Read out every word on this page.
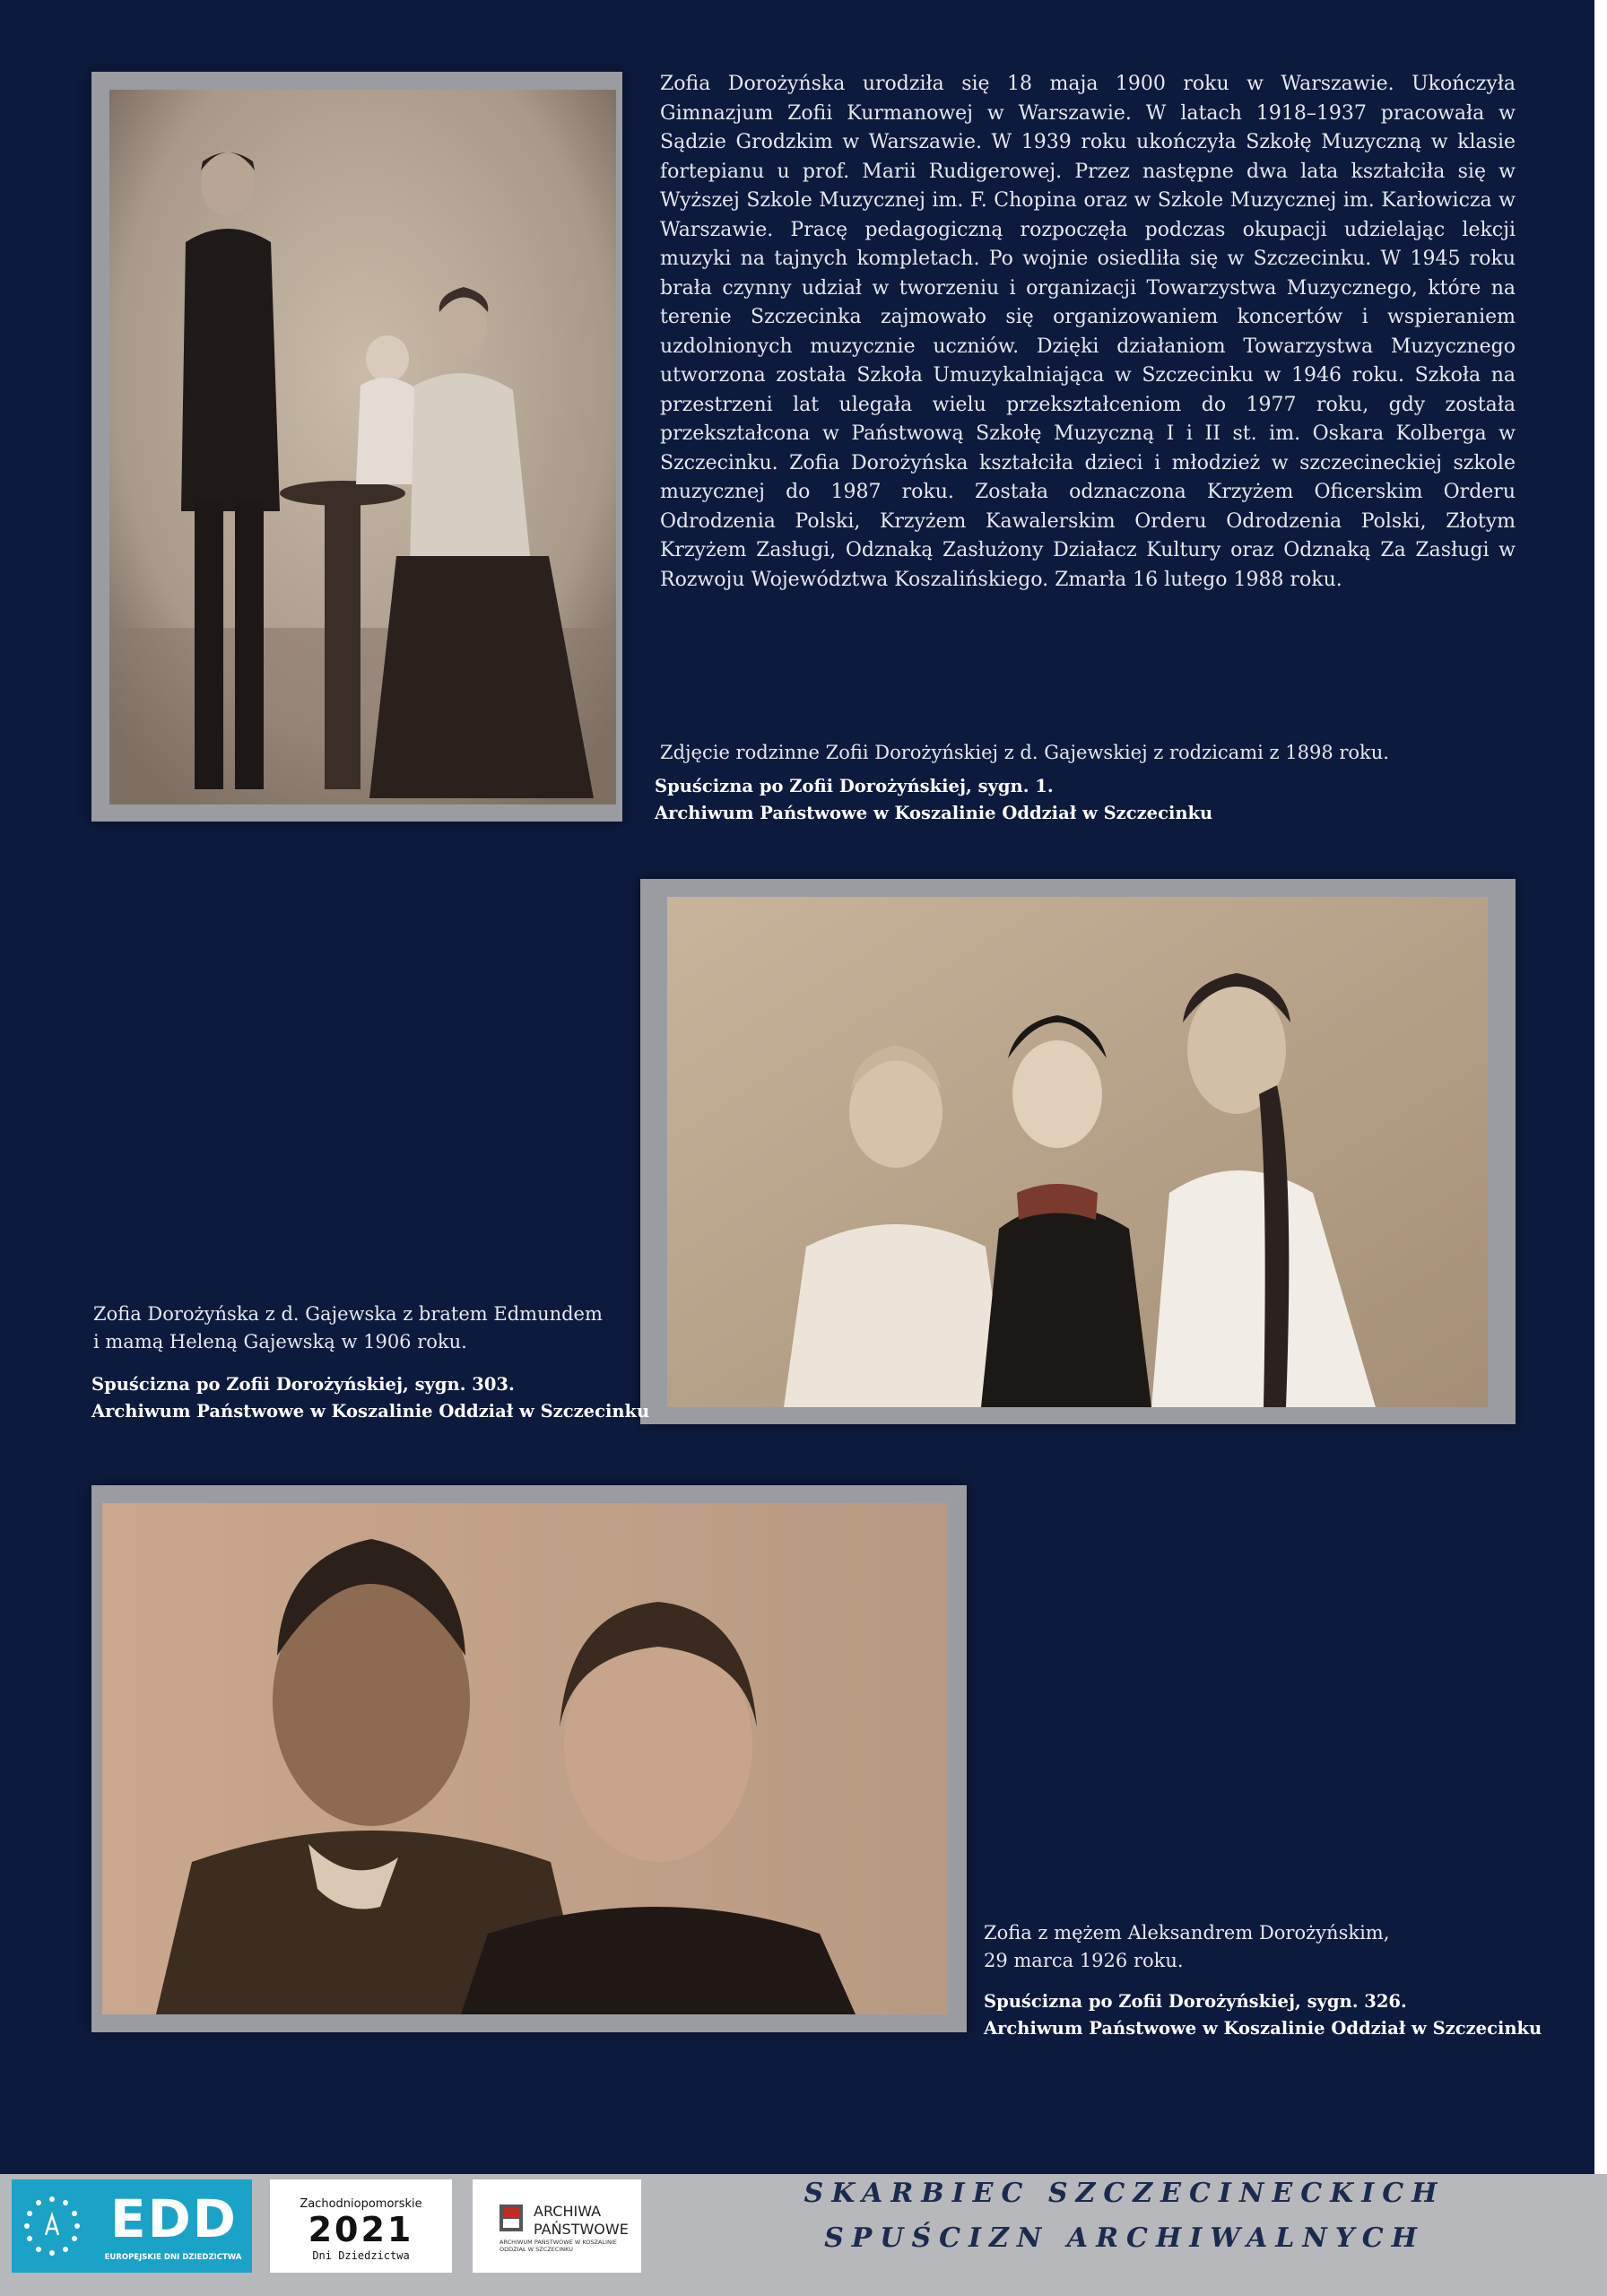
Zofia Dorożyńska urodziła się 18 maja 1900 roku w Warszawie. Ukończyła Gimnazjum Zofii Kurmanowej w Warszawie. W latach 1918–1937 pracowała w Sądzie Grodzkim w Warszawie. W 1939 roku ukończyła Szkołę Muzyczną w klasie fortepianu u prof. Marii Rudigerowej. Przez następne dwa lata kształciła się w Wyższej Szkole Muzycznej im. F. Chopina oraz w Szkole Muzycznej im. Karłowicza w Warszawie. Pracę pedagogiczną rozpoczęła podczas okupacji udzielając lekcji muzyki na tajnych kompletach. Po wojnie osiedliła się w Szczecinku. W 1945 roku brała czynny udział w tworzeniu i organizacji Towarzystwa Muzycznego, które na terenie Szczecinka zajmowało się organizowaniem koncertów i wspieraniem uzdolnionych muzycznie uczniów. Dzięki działaniom Towarzystwa Muzycznego utworzona została Szkoła Umuzykalniająca w Szczecinku w 1946 roku. Szkoła na przestrzeni lat ulegała wielu przekształceniom do 1977 roku, gdy została przekształcona w Państwową Szkołę Muzyczną I i II st. im. Oskara Kolberga w Szczecinku. Zofia Dorożyńska kształciła dzieci i młodzież w szczecineckiej szkole muzycznej do 1987 roku. Została odznaczona Krzyżem Oficerskim Orderu Odrodzenia Polski, Krzyżem Kawalerskim Orderu Odrodzenia Polski, Złotym Krzyżem Zasługi, Odznaką Zasłużony Działacz Kultury oraz Odznaką Za Zasługi w Rozwoju Województwa Koszalińskiego. Zmarła 16 lutego 1988 roku.

Zdjęcie rodzinne Zofii Dorożyńskiej z d. Gajewskiej z rodzicami z 1898 roku.

Spuścizna po Zofii Dorożyńskiej, sygn. 1.

Archiwum Państwowe w Koszalinie Oddział w Szczecinku

Zofia Dorożyńska z d. Gajewska z bratem Edmundem

i mamą Heleną Gajewską w 1906 roku.

Spuścizna po Zofii Dorożyńskiej, sygn. 303.

Archiwum Państwowe w Koszalinie Oddział w Szczecinku

Zofia z mężem Aleksandrem Dorożyńskim,

29 marca 1926 roku.

Spuścizna po Zofii Dorożyńskiej, sygn. 326.

Archiwum Państwowe w Koszalinie Oddział w Szczecinku

EDD
EUROPEJSKIE DNI DZIEDZICTWA
Zachodniopomorskie
2021
Dni Dziedzictwa
ARCHIWA
PAŃSTWOWE
ARCHIWUM PAŃSTWOWE W KOSZALINIE ODDZIAŁ W SZCZECINKU
SKARBIEC SZCZECINECKICH
SPUŚCIZN ARCHIWALNYCH
